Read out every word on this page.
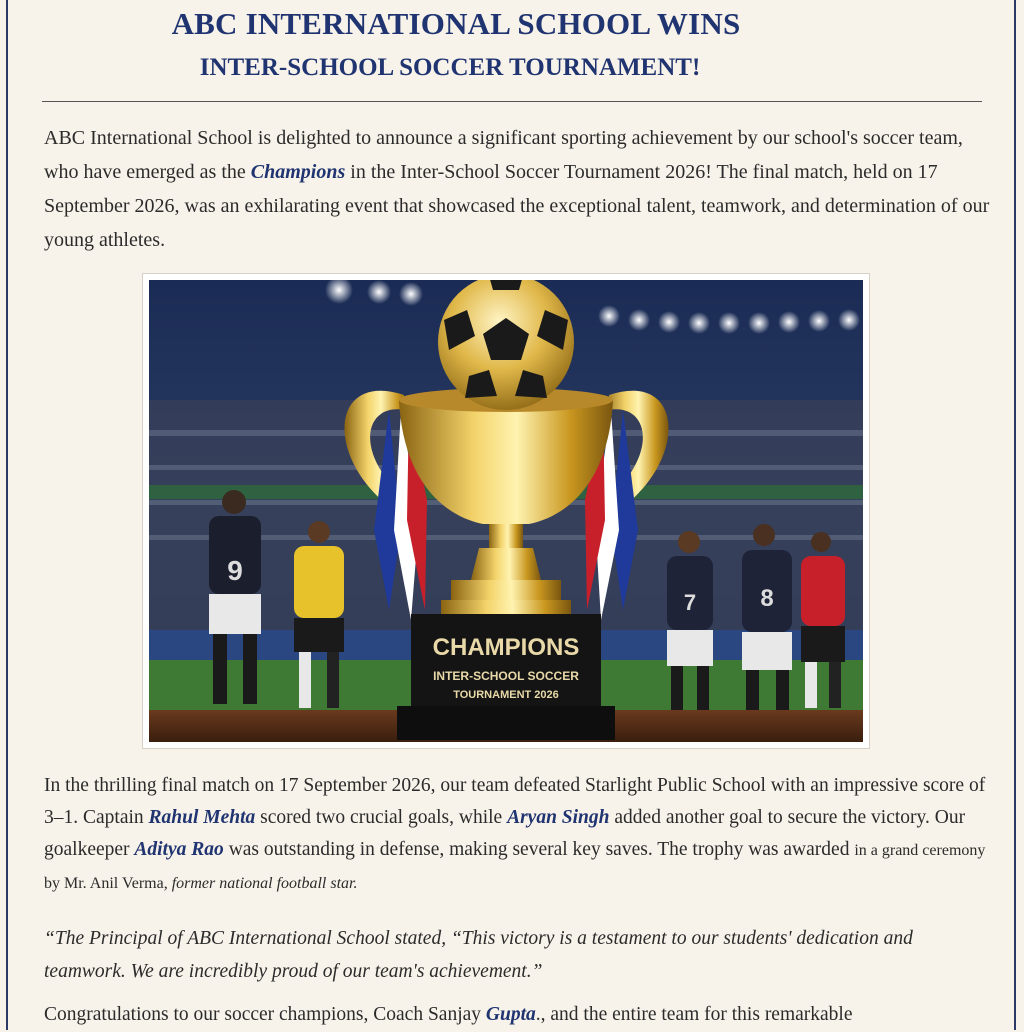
ABC INTERNATIONAL SCHOOL WINS
INTER-SCHOOL SOCCER TOURNAMENT!
ABC International School is delighted to announce a significant sporting achievement by our school's soccer team, who have emerged as the Champions in the Inter-School Soccer Tournament 2026! The final match, held on 17 September 2026, was an exhilarating event that showcased the exceptional talent, teamwork, and determination of our young athletes.
9
7	8
CHAMPIONS
INTER-SCHOOL SOCCER
TOURNAMENT 2026
In the thrilling final match on 17 September 2026, our team defeated Starlight Public School with an impressive score of 3–1. Captain Rahul Mehta scored two crucial goals, while Aryan Singh added another goal to secure the victory. Our goalkeeper Aditya Rao was outstanding in defense, making several key saves. The trophy was awarded in a grand ceremony by Mr. Anil Verma, former national football star.
“The Principal of ABC International School stated, “This victory is a testament to our students' dedication and teamwork. We are incredibly proud of our team's achievement.”
Congratulations to our soccer champions, Coach Sanjay Gupta., and the entire team for this remarkable
